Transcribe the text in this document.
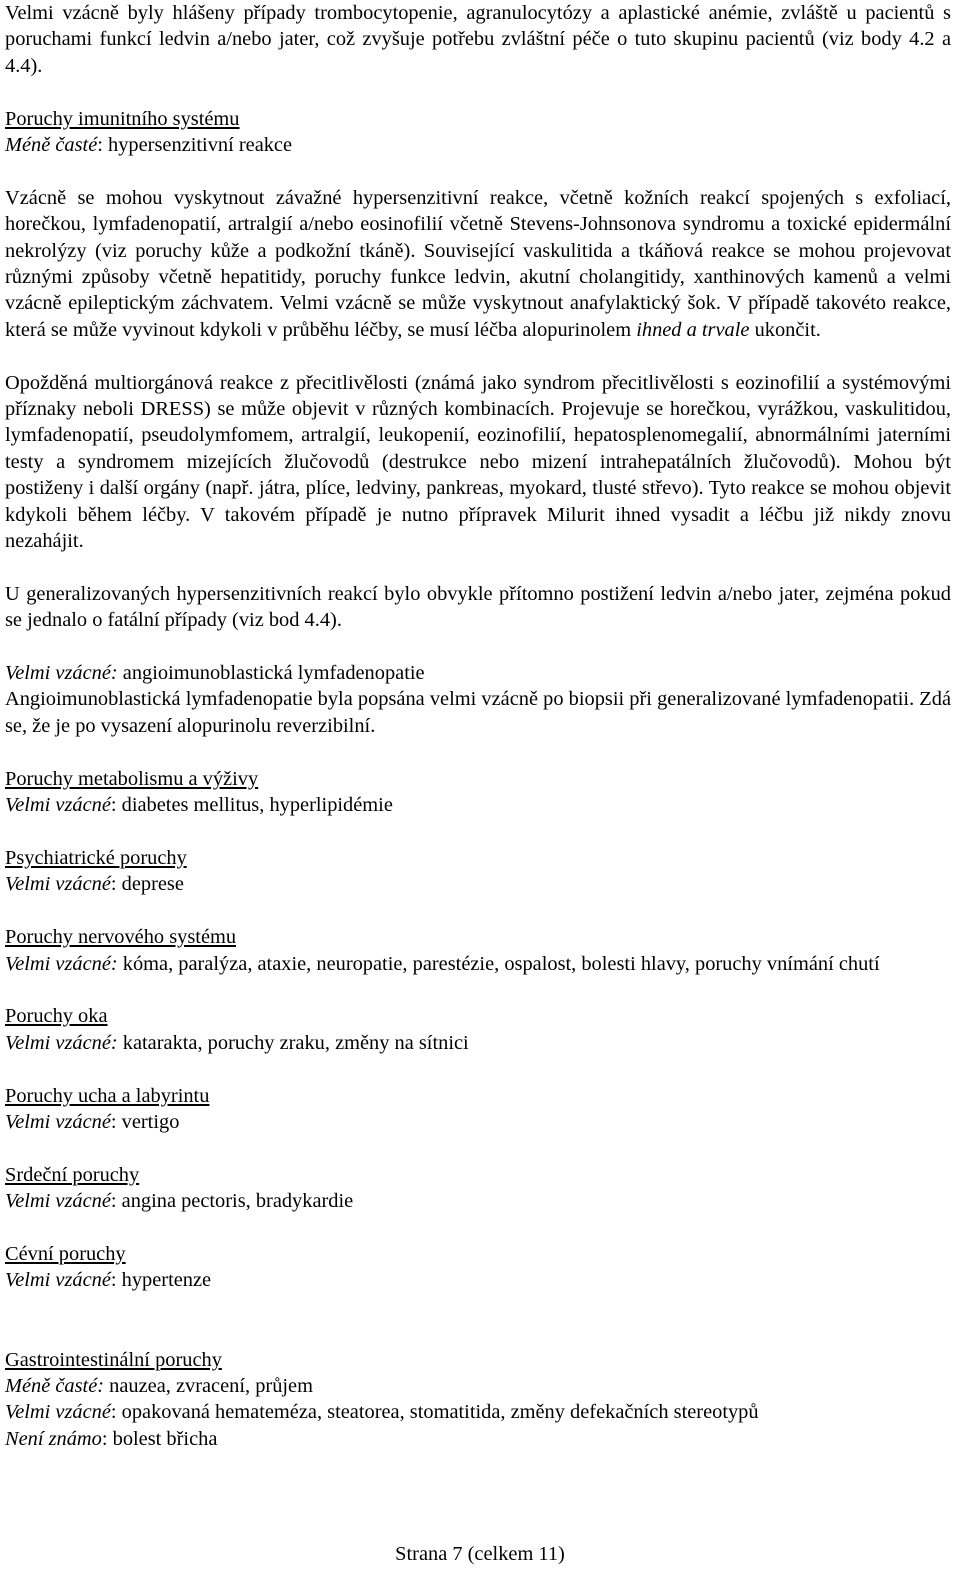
Velmi vzácně byly hlášeny případy trombocytopenie, agranulocytózy a aplastické anémie, zvláště u pacientů s poruchami funkcí ledvin a/nebo jater, což zvyšuje potřebu zvláštní péče o tuto skupinu pacientů (viz body 4.2 a 4.4).

Poruchy imunitního systému

Méně časté: hypersenzitivní reakce

Vzácně se mohou vyskytnout závažné hypersenzitivní reakce, včetně kožních reakcí spojených s exfoliací, horečkou, lymfadenopatií, artralgií a/nebo eosinofilií včetně Stevens-Johnsonova syndromu a toxické epidermální nekrolýzy (viz poruchy kůže a podkožní tkáně). Související vaskulitida a tkáňová reakce se mohou projevovat různými způsoby včetně hepatitidy, poruchy funkce ledvin, akutní cholangitidy, xanthinových kamenů a velmi vzácně epileptickým záchvatem. Velmi vzácně se může vyskytnout anafylaktický šok. V případě takovéto reakce, která se může vyvinout kdykoli v průběhu léčby, se musí léčba alopurinolem ihned a trvale ukončit.

Opožděná multiorgánová reakce z přecitlivělosti (známá jako syndrom přecitlivělosti s eozinofilií a systémovými příznaky neboli DRESS) se může objevit v různých kombinacích. Projevuje se horečkou, vyrážkou, vaskulitidou, lymfadenopatií, pseudolymfomem, artralgií, leukopenií, eozinofilií, hepatosplenomegalií, abnormálními jaterními testy a syndromem mizejících žlučovodů (destrukce nebo mizení intrahepatálních žlučovodů). Mohou být postiženy i další orgány (např. játra, plíce, ledviny, pankreas, myokard, tlusté střevo). Tyto reakce se mohou objevit kdykoli během léčby. V takovém případě je nutno přípravek Milurit ihned vysadit a léčbu již nikdy znovu nezahájit.

U generalizovaných hypersenzitivních reakcí bylo obvykle přítomno postižení ledvin a/nebo jater, zejména pokud se jednalo o fatální případy (viz bod 4.4).

Velmi vzácné: angioimunoblastická lymfadenopatie

Angioimunoblastická lymfadenopatie byla popsána velmi vzácně po biopsii při generalizované lymfadenopatii. Zdá se, že je po vysazení alopurinolu reverzibilní.

Poruchy metabolismu a výživy

Velmi vzácné: diabetes mellitus, hyperlipidémie

Psychiatrické poruchy

Velmi vzácné: deprese

Poruchy nervového systému

Velmi vzácné: kóma, paralýza, ataxie, neuropatie, parestézie, ospalost, bolesti hlavy, poruchy vnímání chutí

Poruchy oka

Velmi vzácné: katarakta, poruchy zraku, změny na sítnici

Poruchy ucha a labyrintu

Velmi vzácné: vertigo

Srdeční poruchy

Velmi vzácné: angina pectoris, bradykardie

Cévní poruchy

Velmi vzácné: hypertenze

Gastrointestinální poruchy

Méně časté: nauzea, zvracení, průjem

Velmi vzácné: opakovaná hemateméza, steatorea, stomatitida, změny defekačních stereotypů

Není známo: bolest břicha

Strana 7 (celkem 11)
